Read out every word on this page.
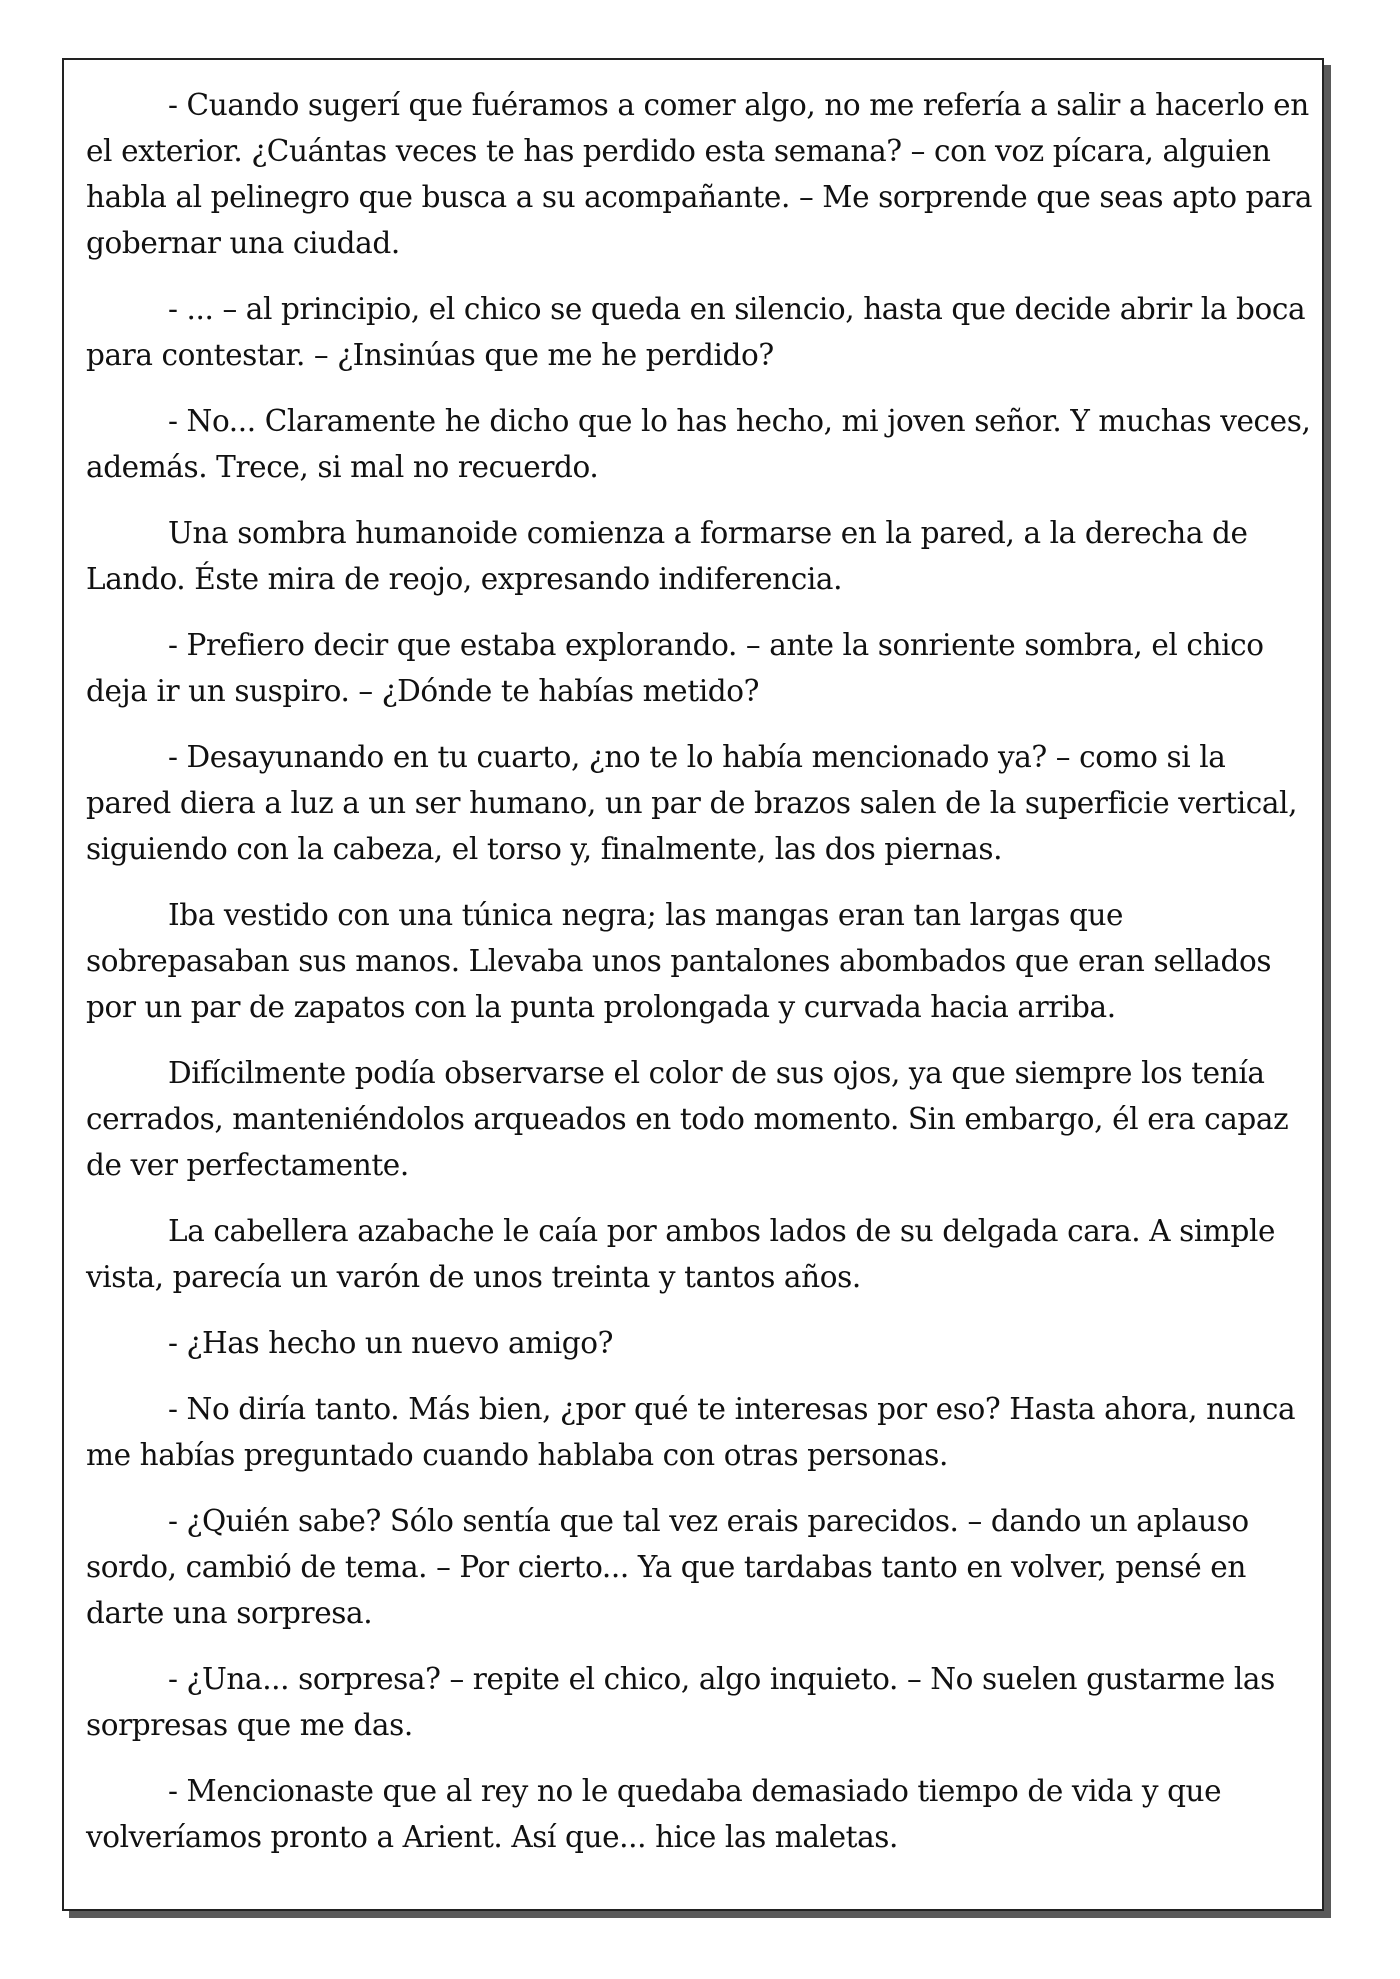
- Cuando sugerí que fuéramos a comer algo, no me refería a salir a hacerlo en el exterior. ¿Cuántas veces te has perdido esta semana? – con voz pícara, alguien habla al pelinegro que busca a su acompañante. – Me sorprende que seas apto para gobernar una ciudad.

- ... – al principio, el chico se queda en silencio, hasta que decide abrir la boca para contestar. – ¿Insinúas que me he perdido?

- No... Claramente he dicho que lo has hecho, mi joven señor. Y muchas veces, además. Trece, si mal no recuerdo.

Una sombra humanoide comienza a formarse en la pared, a la derecha de Lando. Éste mira de reojo, expresando indiferencia.

- Prefiero decir que estaba explorando. – ante la sonriente sombra, el chico deja ir un suspiro. – ¿Dónde te habías metido?

- Desayunando en tu cuarto, ¿no te lo había mencionado ya? – como si la pared diera a luz a un ser humano, un par de brazos salen de la superficie vertical, siguiendo con la cabeza, el torso y, finalmente, las dos piernas.

Iba vestido con una túnica negra; las mangas eran tan largas que sobrepasaban sus manos. Llevaba unos pantalones abombados que eran sellados por un par de zapatos con la punta prolongada y curvada hacia arriba.

Difícilmente podía observarse el color de sus ojos, ya que siempre los tenía cerrados, manteniéndolos arqueados en todo momento. Sin embargo, él era capaz de ver perfectamente.

La cabellera azabache le caía por ambos lados de su delgada cara. A simple vista, parecía un varón de unos treinta y tantos años.

- ¿Has hecho un nuevo amigo?

- No diría tanto. Más bien, ¿por qué te interesas por eso? Hasta ahora, nunca me habías preguntado cuando hablaba con otras personas.

- ¿Quién sabe? Sólo sentía que tal vez erais parecidos. – dando un aplauso sordo, cambió de tema. – Por cierto... Ya que tardabas tanto en volver, pensé en darte una sorpresa.

- ¿Una... sorpresa? – repite el chico, algo inquieto. – No suelen gustarme las sorpresas que me das.

- Mencionaste que al rey no le quedaba demasiado tiempo de vida y que volveríamos pronto a Arient. Así que... hice las maletas.
